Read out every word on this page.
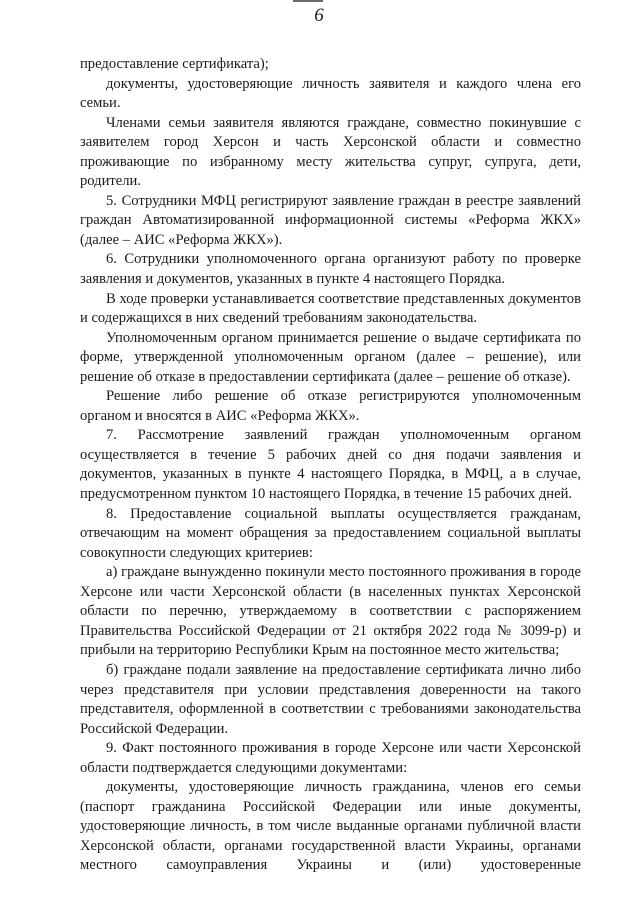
6

предоставление сертификата);

документы, удостоверяющие личность заявителя и каждого члена его семьи.

Членами семьи заявителя являются граждане, совместно покинувшие с заявителем город Херсон и часть Херсонской области и совместно проживающие по избранному месту жительства супруг, супруга, дети, родители.

5. Сотрудники МФЦ регистрируют заявление граждан в реестре заявлений граждан Автоматизированной информационной системы «Реформа ЖКХ» (далее – АИС «Реформа ЖКХ»).

6. Сотрудники уполномоченного органа организуют работу по проверке заявления и документов, указанных в пункте 4 настоящего Порядка.

В ходе проверки устанавливается соответствие представленных документов и содержащихся в них сведений требованиям законодательства.

Уполномоченным органом принимается решение о выдаче сертификата по форме, утвержденной уполномоченным органом (далее – решение), или решение об отказе в предоставлении сертификата (далее – решение об отказе).

Решение либо решение об отказе регистрируются уполномоченным органом и вносятся в АИС «Реформа ЖКХ».

7. Рассмотрение заявлений граждан уполномоченным органом осуществляется в течение 5 рабочих дней со дня подачи заявления и документов, указанных в пункте 4 настоящего Порядка, в МФЦ, а в случае, предусмотренном пунктом 10 настоящего Порядка, в течение 15 рабочих дней.

8. Предоставление социальной выплаты осуществляется гражданам, отвечающим на момент обращения за предоставлением социальной выплаты совокупности следующих критериев:

а) граждане вынужденно покинули место постоянного проживания в городе Херсоне или части Херсонской области (в населенных пунктах Херсонской области по перечню, утверждаемому в соответствии с распоряжением Правительства Российской Федерации от 21 октября 2022 года № 3099-р) и прибыли на территорию Республики Крым на постоянное место жительства;

б) граждане подали заявление на предоставление сертификата лично либо через представителя при условии представления доверенности на такого представителя, оформленной в соответствии с требованиями законодательства Российской Федерации.

9. Факт постоянного проживания в городе Херсоне или части Херсонской области подтверждается следующими документами:

документы, удостоверяющие личность гражданина, членов его семьи (паспорт гражданина Российской Федерации или иные документы, удостоверяющие личность, в том числе выданные органами публичной власти Херсонской области, органами государственной власти Украины, органами местного самоуправления Украины и (или) удостоверенные
